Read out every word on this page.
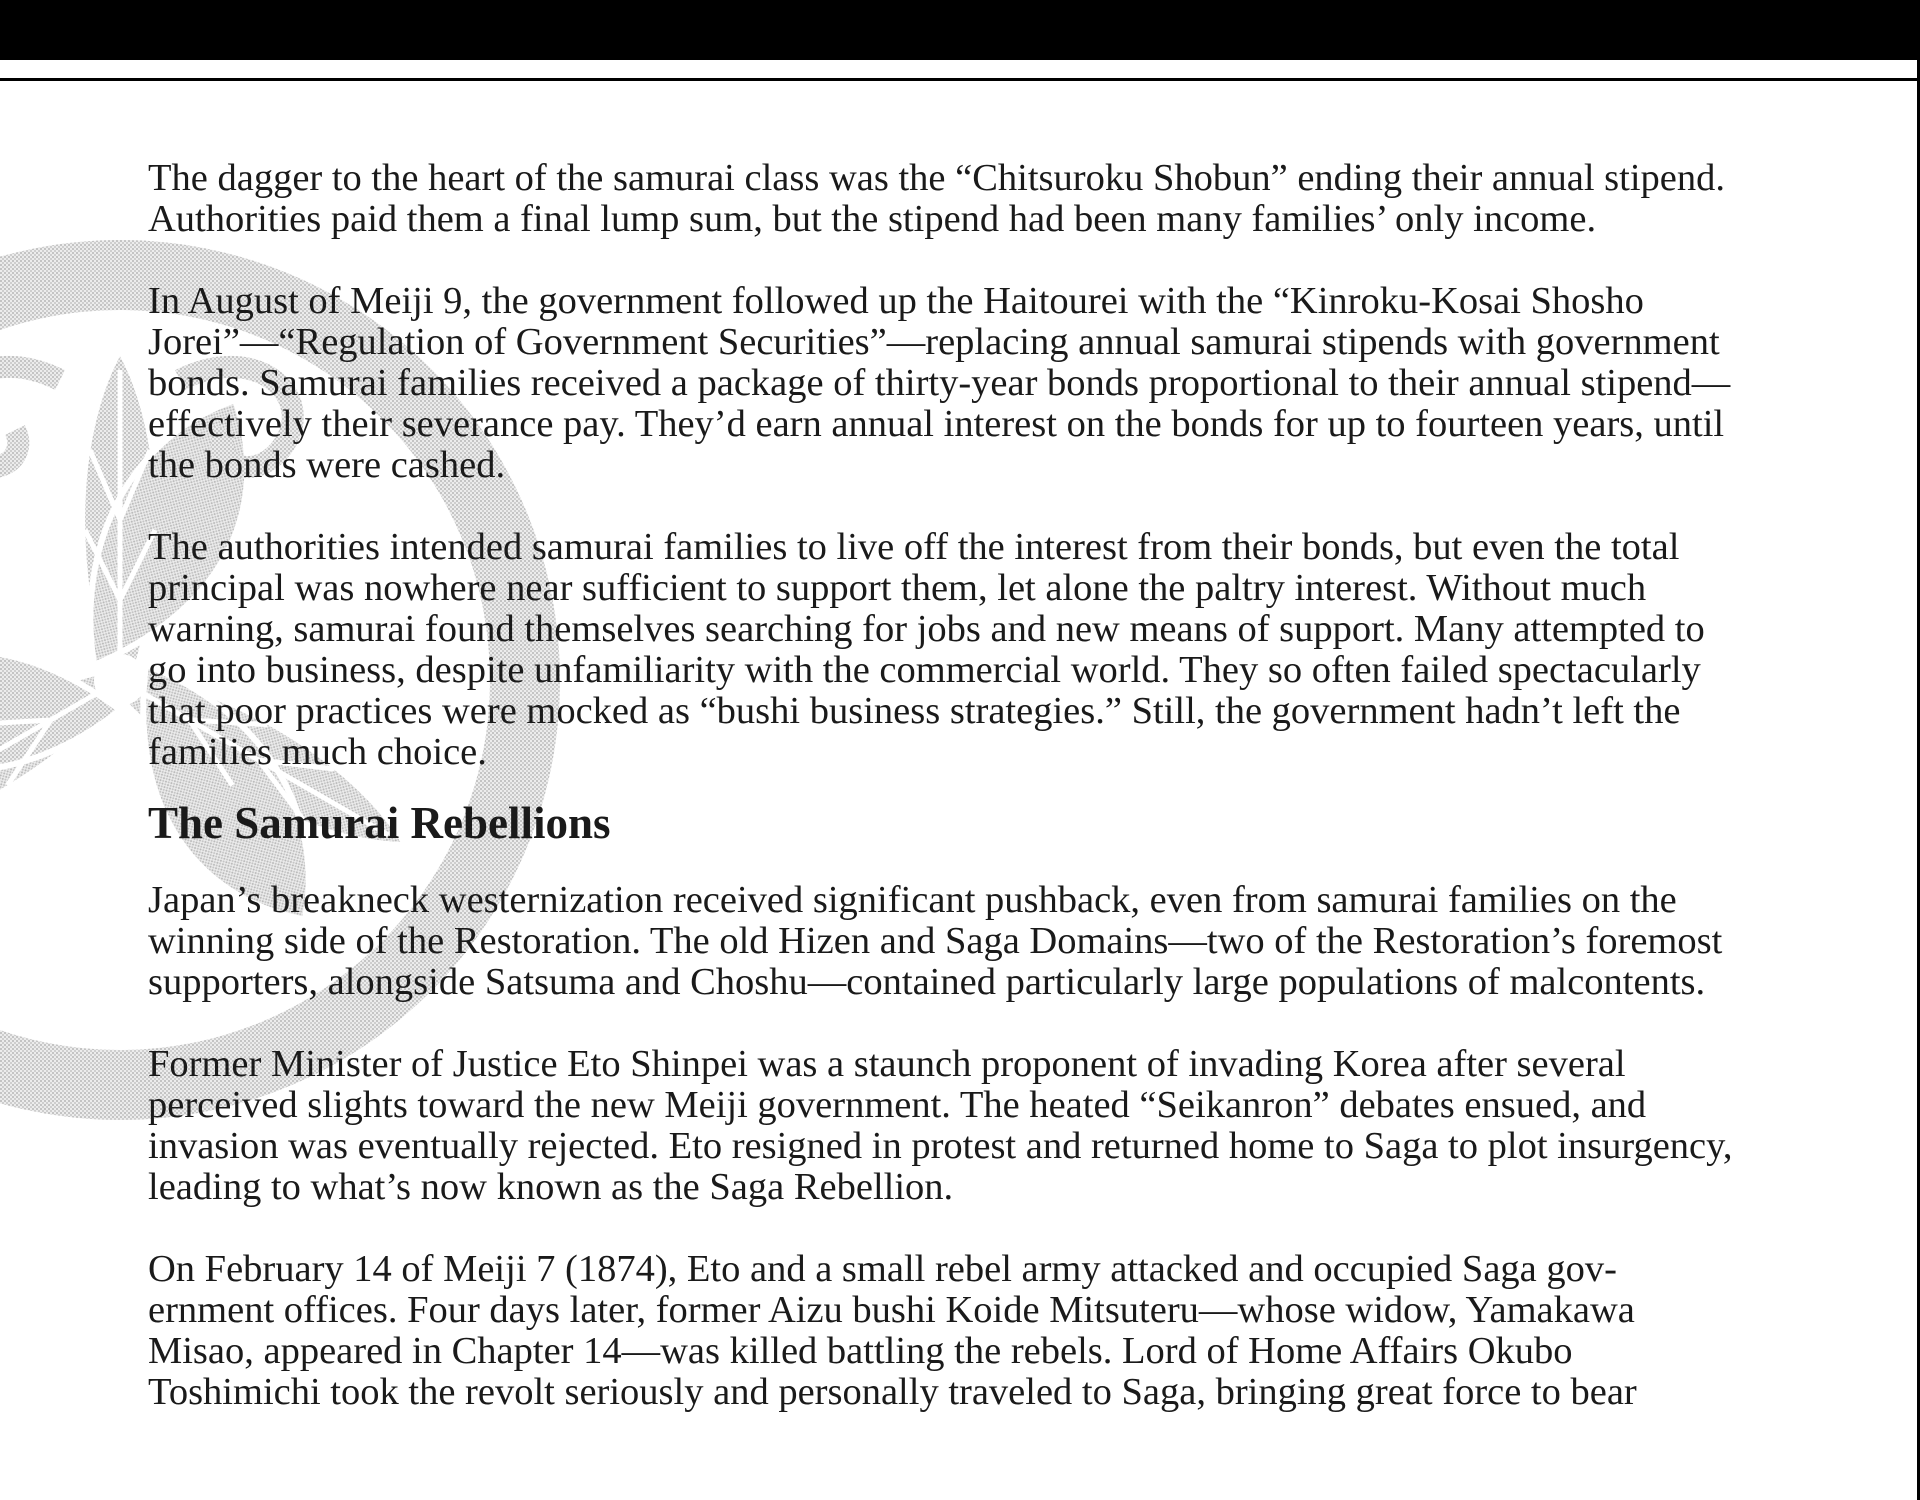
The dagger to the heart of the samurai class was the “Chitsuroku Shobun” ending their annual stipend. Authorities paid them a final lump sum, but the stipend had been many families’ only income.

In August of Meiji 9, the government followed up the Haitourei with the “Kinroku-Kosai Shosho Jorei”—“Regulation of Government Securities”—replacing annual samurai stipends with government bonds. Samurai families received a package of thirty-year bonds proportional to their annual stipend—effectively their severance pay. They’d earn annual interest on the bonds for up to fourteen years, until the bonds were cashed.

The authorities intended samurai families to live off the interest from their bonds, but even the total principal was nowhere near sufficient to support them, let alone the paltry interest. Without much warning, samurai found themselves searching for jobs and new means of support. Many attempted to go into business, despite unfamiliarity with the commercial world. They so often failed spectacularly that poor practices were mocked as “bushi business strategies.” Still, the government hadn’t left the families much choice.

The Samurai Rebellions

Japan’s breakneck westernization received significant pushback, even from samurai families on the winning side of the Restoration. The old Hizen and Saga Domains—two of the Restoration’s foremost supporters, alongside Satsuma and Choshu—contained particularly large populations of malcontents.

Former Minister of Justice Eto Shinpei was a staunch proponent of invading Korea after several perceived slights toward the new Meiji government. The heated “Seikanron” debates ensued, and invasion was eventually rejected. Eto resigned in protest and returned home to Saga to plot insurgency, leading to what’s now known as the Saga Rebellion.

On February 14 of Meiji 7 (1874), Eto and a small rebel army attacked and occupied Saga gov-ernment offices. Four days later, former Aizu bushi Koide Mitsuteru—whose widow, Yamakawa Misao, appeared in Chapter 14—was killed battling the rebels. Lord of Home Affairs Okubo Toshimichi took the revolt seriously and personally traveled to Saga, bringing great force to bear
